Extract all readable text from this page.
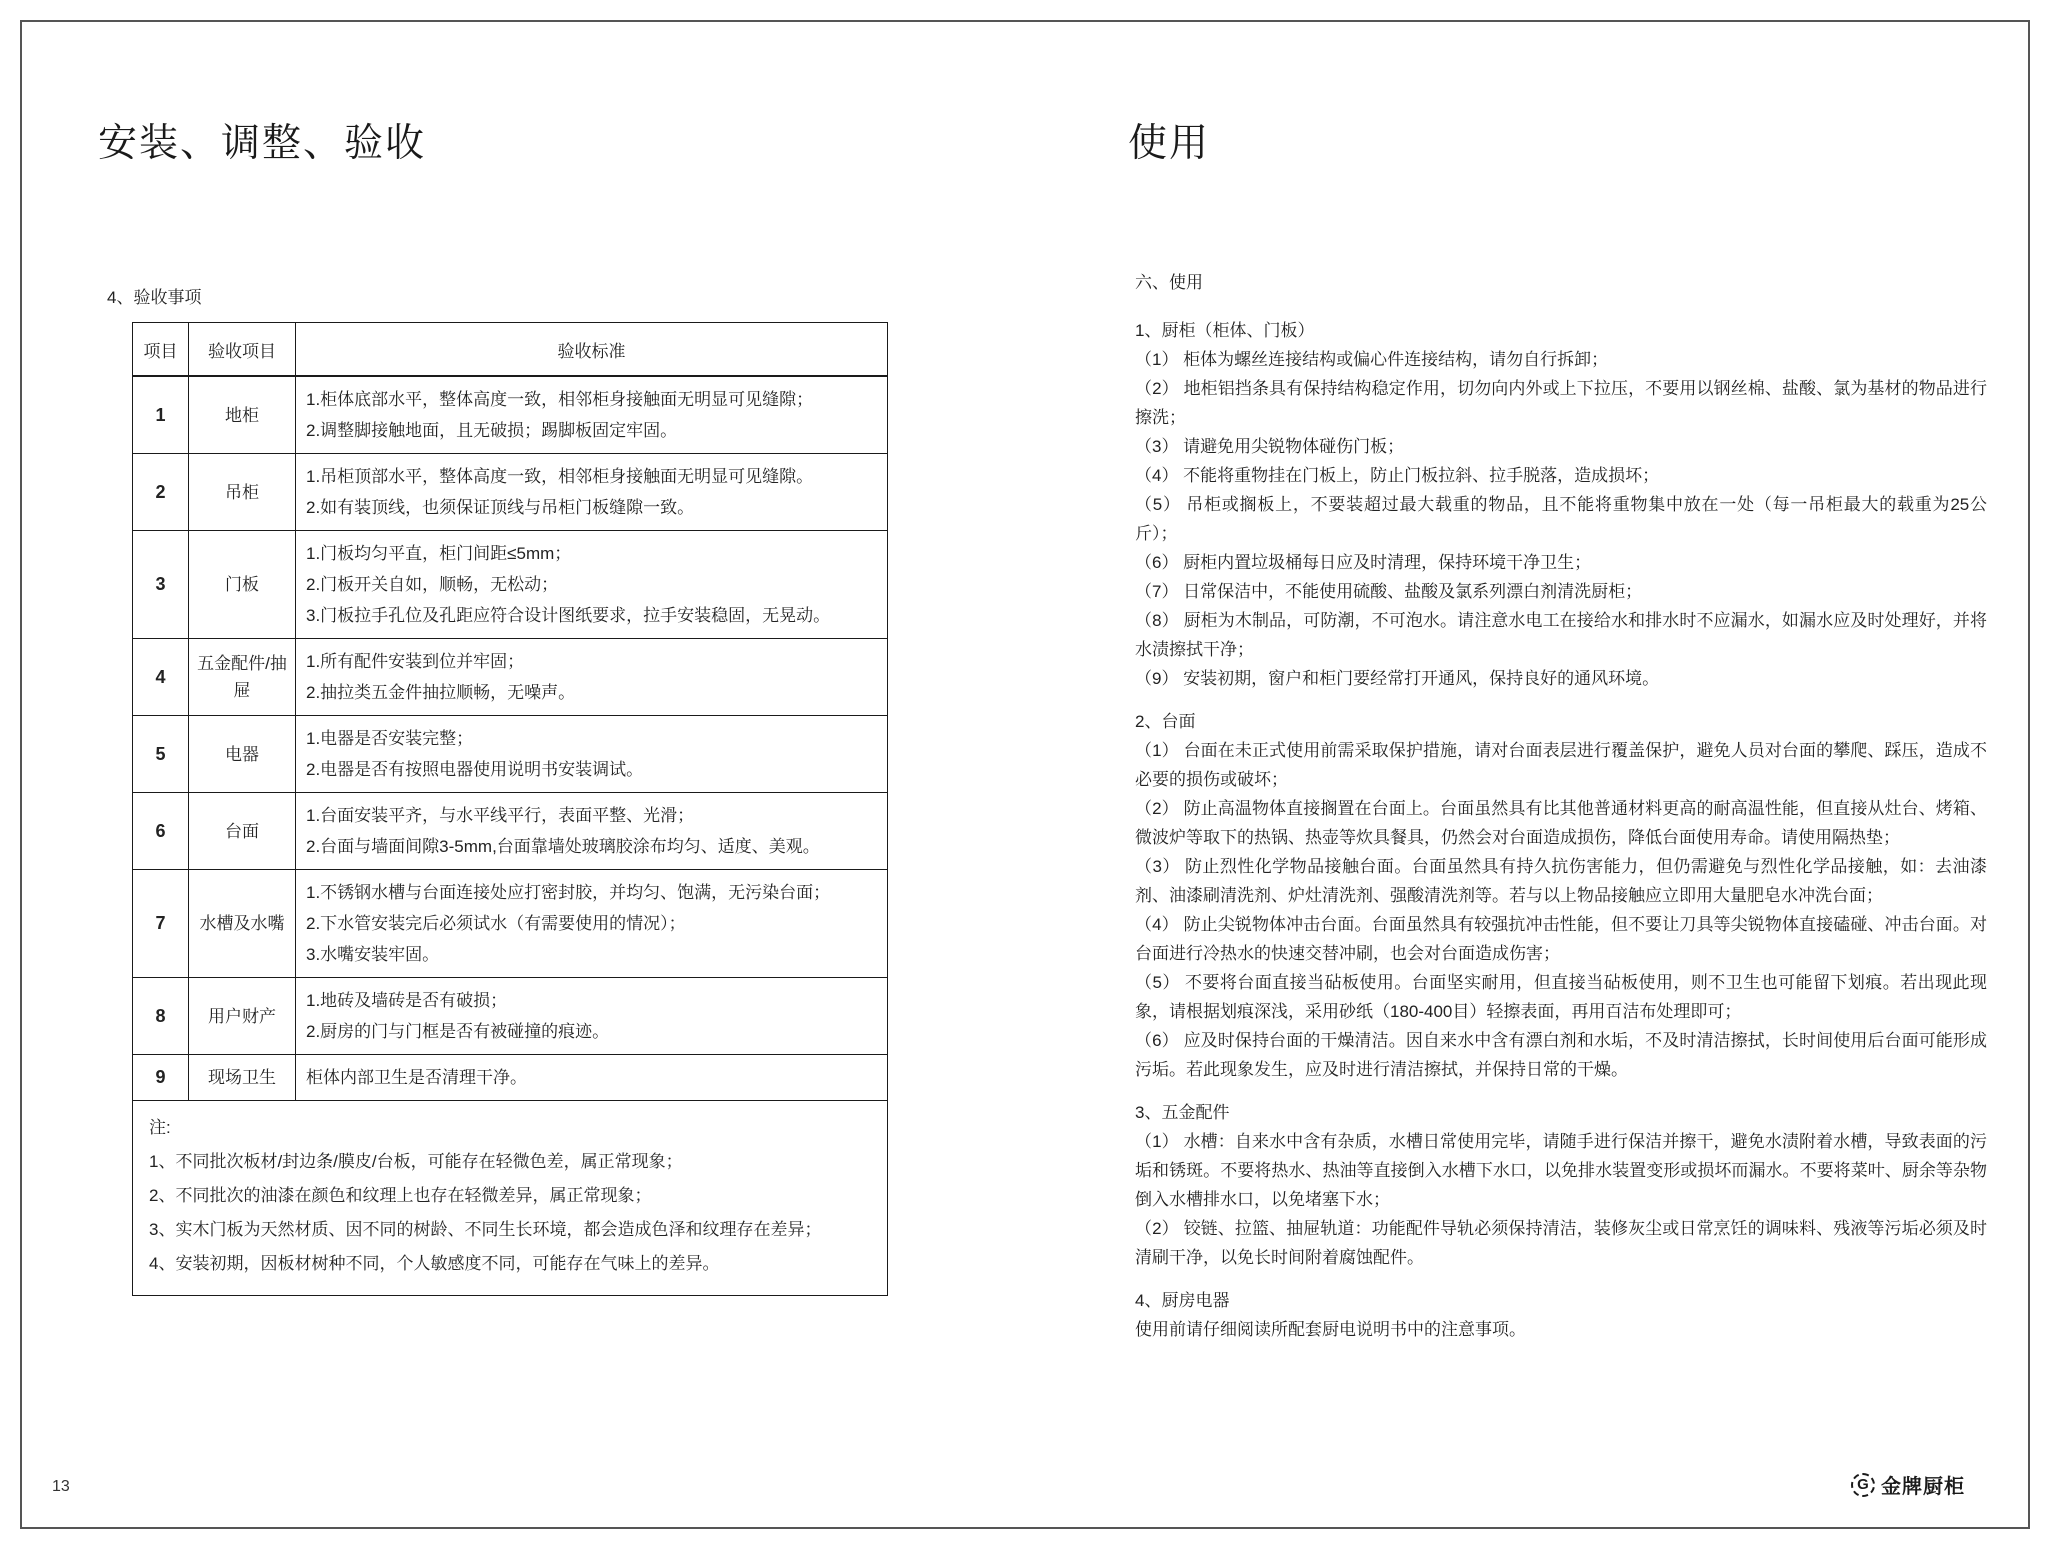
安装、调整、验收
4、验收事项
项目	验收项目	验收标准
1	地柜	1.柜体底部水平，整体高度一致，相邻柜身接触面无明显可见缝隙；
2.调整脚接触地面，且无破损；踢脚板固定牢固。

2	吊柜	1.吊柜顶部水平，整体高度一致，相邻柜身接触面无明显可见缝隙。
2.如有装顶线，也须保证顶线与吊柜门板缝隙一致。

3	门板	1.门板均匀平直，柜门间距≤5mm；
2.门板开关自如，顺畅，无松动；
3.门板拉手孔位及孔距应符合设计图纸要求，拉手安装稳固，无晃动。

4	五金配件/抽屉	1.所有配件安装到位并牢固；
2.抽拉类五金件抽拉顺畅，无噪声。

5	电器	1.电器是否安装完整；
2.电器是否有按照电器使用说明书安装调试。

6	台面	1.台面安装平齐，与水平线平行，表面平整、光滑；
2.台面与墙面间隙3-5mm,台面靠墙处玻璃胶涂布均匀、适度、美观。

7	水槽及水嘴	1.不锈钢水槽与台面连接处应打密封胶，并均匀、饱满，无污染台面；
2.下水管安装完后必须试水（有需要使用的情况）；
3.水嘴安装牢固。

8	用户财产	1.地砖及墙砖是否有破损；
2.厨房的门与门框是否有被碰撞的痕迹。

9	现场卫生	柜体内部卫生是否清理干净。

注:
1、不同批次板材/封边条/膜皮/台板，可能存在轻微色差，属正常现象；
2、不同批次的油漆在颜色和纹理上也存在轻微差异，属正常现象；
3、实木门板为天然材质、因不同的树龄、不同生长环境，都会造成色泽和纹理存在差异；
4、安装初期，因板材树种不同，个人敏感度不同，可能存在气味上的差异。		
13
使用
六、使用
1、厨柜（柜体、门板）
（1） 柜体为螺丝连接结构或偏心件连接结构，请勿自行拆卸；
（2） 地柜铝挡条具有保持结构稳定作用，切勿向内外或上下拉压，不要用以钢丝棉、盐酸、氯为基材的物品进行擦洗；
（3） 请避免用尖锐物体碰伤门板；
（4） 不能将重物挂在门板上，防止门板拉斜、拉手脱落，造成损坏；
（5） 吊柜或搁板上，不要装超过最大载重的物品，且不能将重物集中放在一处（每一吊柜最大的载重为25公斤）；
（6） 厨柜内置垃圾桶每日应及时清理，保持环境干净卫生；
（7） 日常保洁中，不能使用硫酸、盐酸及氯系列漂白剂清洗厨柜；
（8） 厨柜为木制品，可防潮，不可泡水。请注意水电工在接给水和排水时不应漏水，如漏水应及时处理好，并将水渍擦拭干净；
（9） 安装初期，窗户和柜门要经常打开通风，保持良好的通风环境。
2、台面
（1） 台面在未正式使用前需采取保护措施，请对台面表层进行覆盖保护，避免人员对台面的攀爬、踩压，造成不必要的损伤或破坏；
（2） 防止高温物体直接搁置在台面上。台面虽然具有比其他普通材料更高的耐高温性能，但直接从灶台、烤箱、微波炉等取下的热锅、热壶等炊具餐具，仍然会对台面造成损伤，降低台面使用寿命。请使用隔热垫；
（3） 防止烈性化学物品接触台面。台面虽然具有持久抗伤害能力，但仍需避免与烈性化学品接触，如：去油漆剂、油漆刷清洗剂、炉灶清洗剂、强酸清洗剂等。若与以上物品接触应立即用大量肥皂水冲洗台面；
（4） 防止尖锐物体冲击台面。台面虽然具有较强抗冲击性能，但不要让刀具等尖锐物体直接磕碰、冲击台面。对台面进行冷热水的快速交替冲刷，也会对台面造成伤害；
（5） 不要将台面直接当砧板使用。台面坚实耐用，但直接当砧板使用，则不卫生也可能留下划痕。若出现此现象，请根据划痕深浅，采用砂纸（180-400目）轻擦表面，再用百洁布处理即可；
（6） 应及时保持台面的干燥清洁。因自来水中含有漂白剂和水垢，不及时清洁擦拭，长时间使用后台面可能形成污垢。若此现象发生，应及时进行清洁擦拭，并保持日常的干燥。
3、五金配件
（1） 水槽：自来水中含有杂质，水槽日常使用完毕，请随手进行保洁并擦干，避免水渍附着水槽，导致表面的污垢和锈斑。不要将热水、热油等直接倒入水槽下水口，以免排水装置变形或损坏而漏水。不要将菜叶、厨余等杂物倒入水槽排水口，以免堵塞下水；
（2） 铰链、拉篮、抽屉轨道：功能配件导轨必须保持清洁，装修灰尘或日常烹饪的调味料、残液等污垢必须及时清刷干净，以免长时间附着腐蚀配件。
4、厨房电器
使用前请仔细阅读所配套厨电说明书中的注意事项。
G 金牌厨柜
